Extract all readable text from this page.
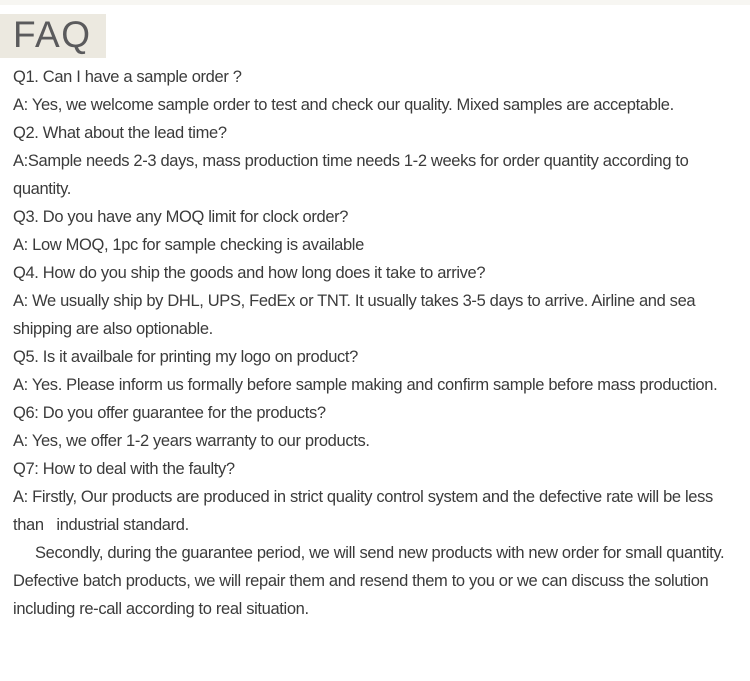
FAQ

Q1. Can I have a sample order ?

A: Yes, we welcome sample order to test and check our quality. Mixed samples are acceptable.

Q2. What about the lead time?

A:Sample needs 2-3 days, mass production time needs 1-2 weeks for order quantity according to quantity.

Q3. Do you have any MOQ limit for clock order?

A: Low MOQ, 1pc for sample checking is available

Q4. How do you ship the goods and how long does it take to arrive?

A: We usually ship by DHL, UPS, FedEx or TNT. It usually takes 3-5 days to arrive. Airline and sea shipping are also optionable.

Q5. Is it availbale for printing my logo on product?

A: Yes. Please inform us formally before sample making and confirm sample before mass production.

Q6: Do you offer guarantee for the products?

A: Yes, we offer 1-2 years warranty to our products.

Q7: How to deal with the faulty?

A: Firstly, Our products are produced in strict quality control system and the defective rate will be less than   industrial standard.

Secondly, during the guarantee period, we will send new products with new order for small quantity. Defective batch products, we will repair them and resend them to you or we can discuss the solution including re-call according to real situation.
